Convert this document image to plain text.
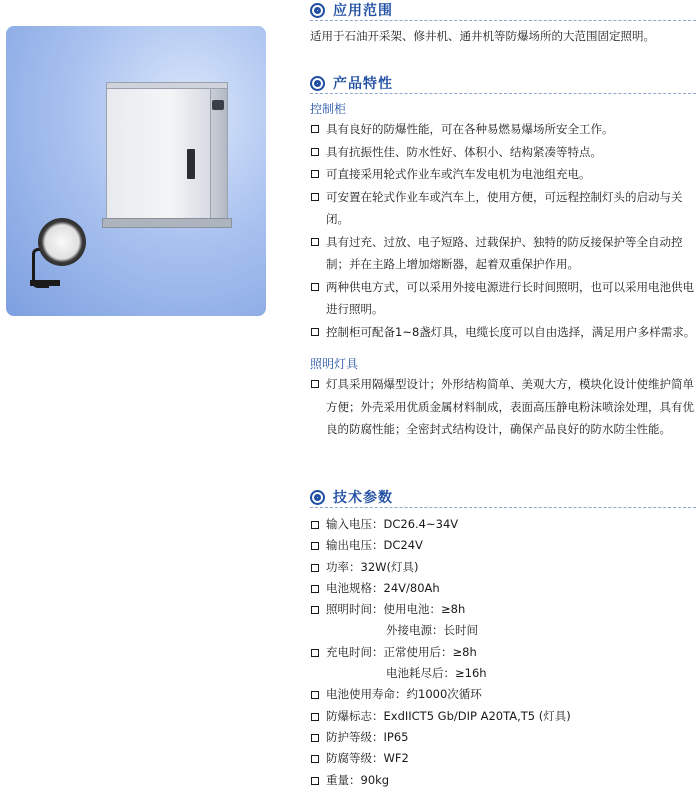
应用范围
适用于石油开采架、修井机、通井机等防爆场所的大范围固定照明。
产品特性
控制柜
具有良好的防爆性能，可在各种易燃易爆场所安全工作。
具有抗振性佳、防水性好、体积小、结构紧凑等特点。
可直接采用轮式作业车或汽车发电机为电池组充电。
可安置在轮式作业车或汽车上，使用方便，可远程控制灯头的启动与关闭。
具有过充、过放、电子短路、过载保护、独特的防反接保护等全自动控制；并在主路上增加熔断器，起着双重保护作用。
两种供电方式，可以采用外接电源进行长时间照明，也可以采用电池供电进行照明。
控制柜可配备1~8盏灯具，电缆长度可以自由选择，满足用户多样需求。
照明灯具
灯具采用隔爆型设计；外形结构简单、美观大方，模块化设计使维护简单方便；外壳采用优质金属材料制成，表面高压静电粉沫喷涂处理，具有优良的防腐性能；全密封式结构设计，确保产品良好的防水防尘性能。
技术参数
输入电压：DC26.4~34V
输出电压：DC24V
功率：32W(灯具)
电池规格：24V/80Ah
照明时间：使用电池：≥8h
外接电源：长时间
充电时间：正常使用后：≥8h
电池耗尽后：≥16h
电池使用寿命：约1000次循环
防爆标志：ExdIICT5 Gb/DIP A20TA,T5 (灯具)
防护等级：IP65
防腐等级：WF2
重量：90kg
